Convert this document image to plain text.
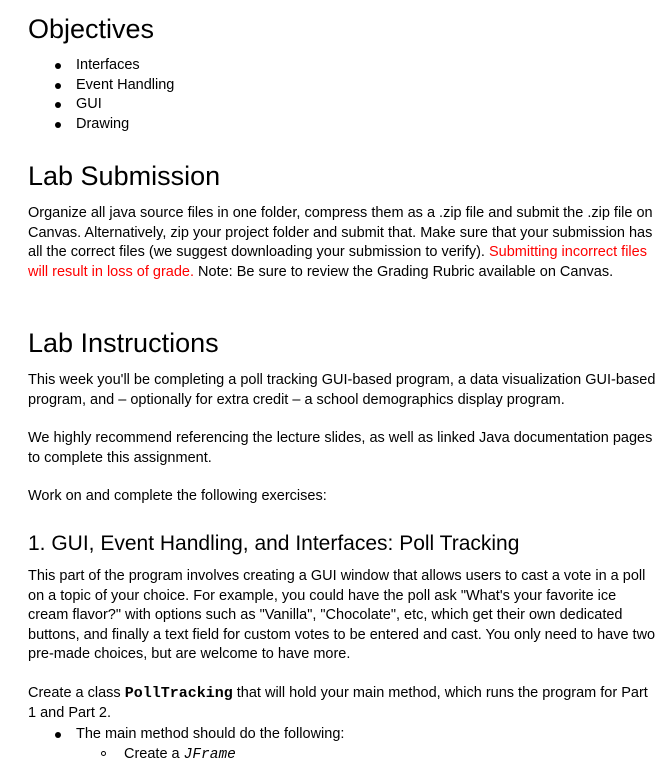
Objectives
Interfaces
Event Handling
GUI
Drawing
Lab Submission

Organize all java source files in one folder, compress them as a .zip file and submit the .zip file on Canvas. Alternatively, zip your project folder and submit that. Make sure that your submission has all the correct files (we suggest downloading your submission to verify). Submitting incorrect files will result in loss of grade. Note: Be sure to review the Grading Rubric available on Canvas.

Lab Instructions

This week you'll be completing a poll tracking GUI-based program, a data visualization GUI-based program, and – optionally for extra credit – a school demographics display program.

We highly recommend referencing the lecture slides, as well as linked Java documentation pages to complete this assignment.

Work on and complete the following exercises:

1. GUI, Event Handling, and Interfaces: Poll Tracking

This part of the program involves creating a GUI window that allows users to cast a vote in a poll on a topic of your choice. For example, you could have the poll ask "What's your favorite ice cream flavor?" with options such as "Vanilla", "Chocolate", etc, which get their own dedicated buttons, and finally a text field for custom votes to be entered and cast. You only need to have two pre-made choices, but are welcome to have more.

Create a class PollTracking that will hold your main method, which runs the program for Part 1 and Part 2.

The main method should do the following:
Create a JFrame
